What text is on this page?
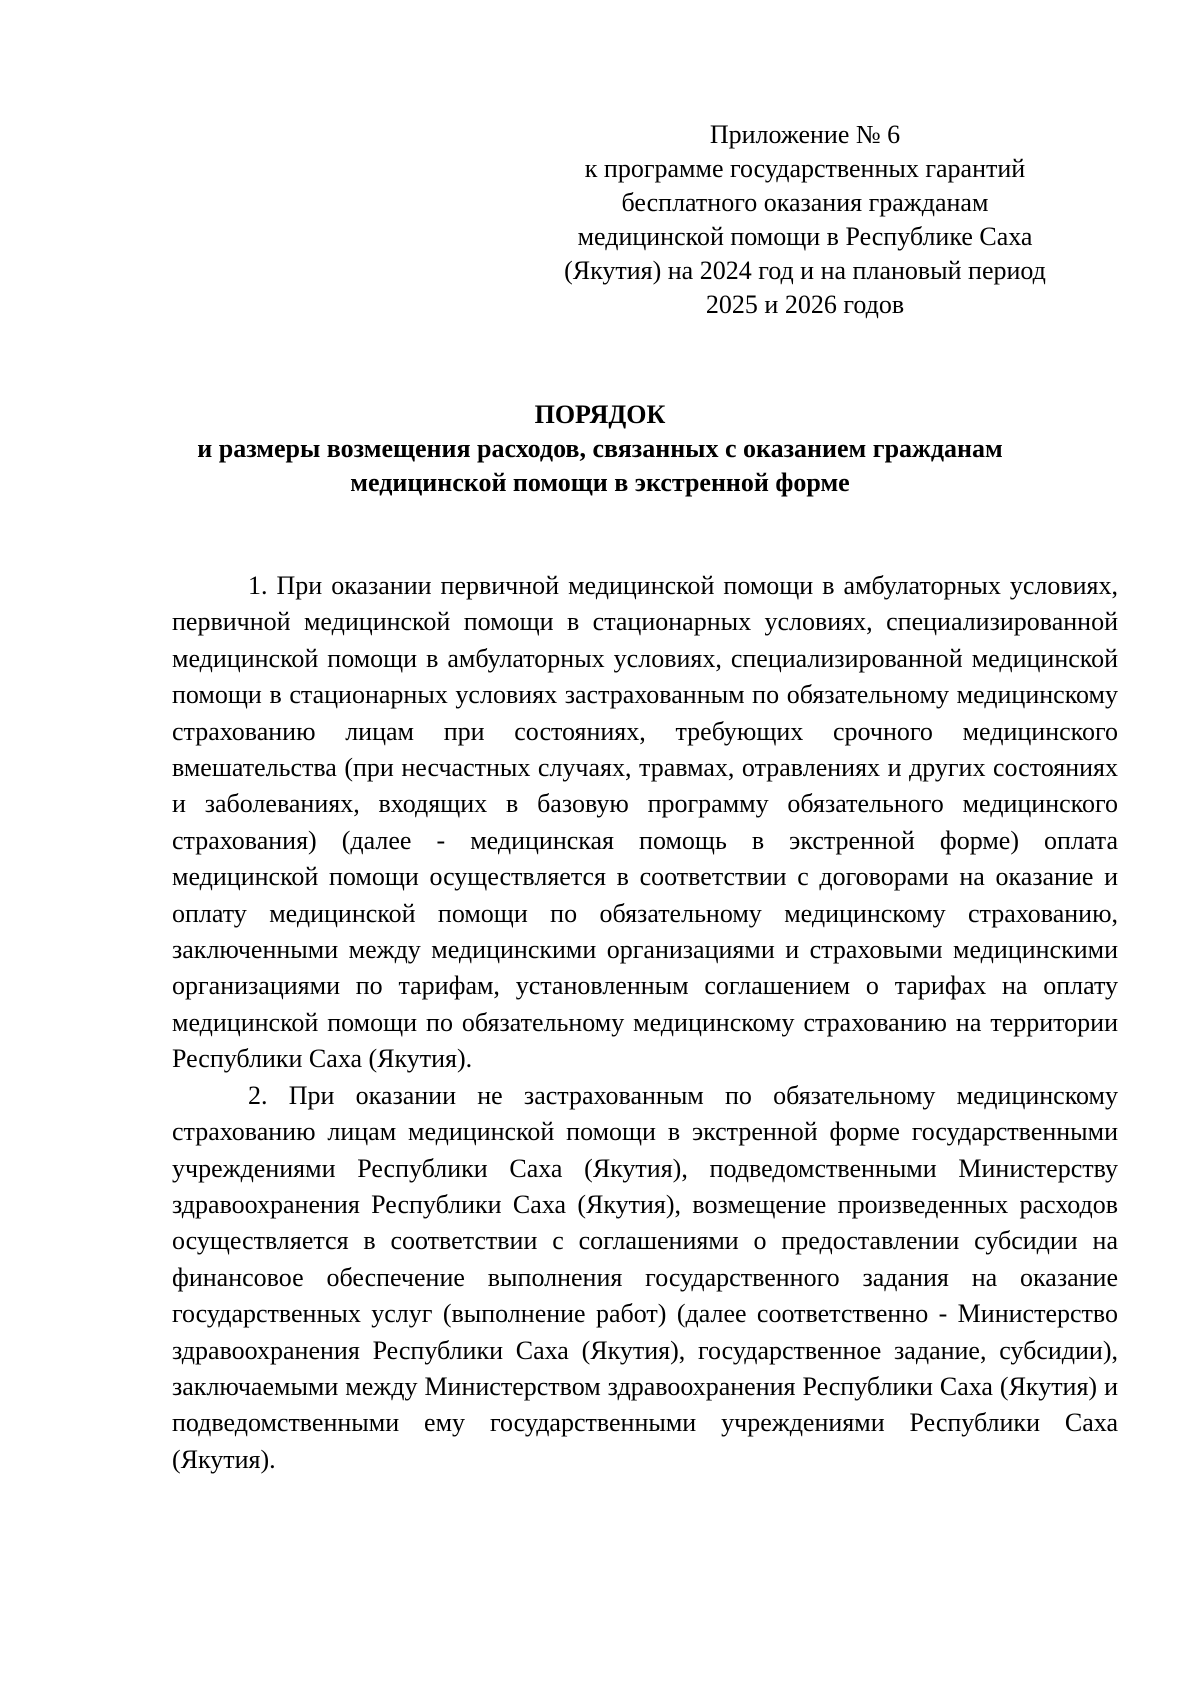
Приложение № 6
к программе государственных гарантий
бесплатного оказания гражданам
медицинской помощи в Республике Саха
(Якутия) на 2024 год и на плановый период
2025 и 2026 годов
ПОРЯДОК
и размеры возмещения расходов, связанных с оказанием гражданам
медицинской помощи в экстренной форме

1. При оказании первичной медицинской помощи в амбулаторных условиях, первичной медицинской помощи в стационарных условиях, специализированной медицинской помощи в амбулаторных условиях, специализированной медицинской помощи в стационарных условиях застрахованным по обязательному медицинскому страхованию лицам при состояниях, требующих срочного медицинского вмешательства (при несчастных случаях, травмах, отравлениях и других состояниях и заболеваниях, входящих в базовую программу обязательного медицинского страхования) (далее - медицинская помощь в экстренной форме) оплата медицинской помощи осуществляется в соответствии с договорами на оказание и оплату медицинской помощи по обязательному медицинскому страхованию, заключенными между медицинскими организациями и страховыми медицинскими организациями по тарифам, установленным соглашением о тарифах на оплату медицинской помощи по обязательному медицинскому страхованию на территории Республики Саха (Якутия).

2. При оказании не застрахованным по обязательному медицинскому страхованию лицам медицинской помощи в экстренной форме государственными учреждениями Республики Саха (Якутия), подведомственными Министерству здравоохранения Республики Саха (Якутия), возмещение произведенных расходов осуществляется в соответствии с соглашениями о предоставлении субсидии на финансовое обеспечение выполнения государственного задания на оказание государственных услуг (выполнение работ) (далее соответственно - Министерство здравоохранения Республики Саха (Якутия), государственное задание, субсидии), заключаемыми между Министерством здравоохранения Республики Саха (Якутия) и подведомственными ему государственными учреждениями Республики Саха (Якутия).
